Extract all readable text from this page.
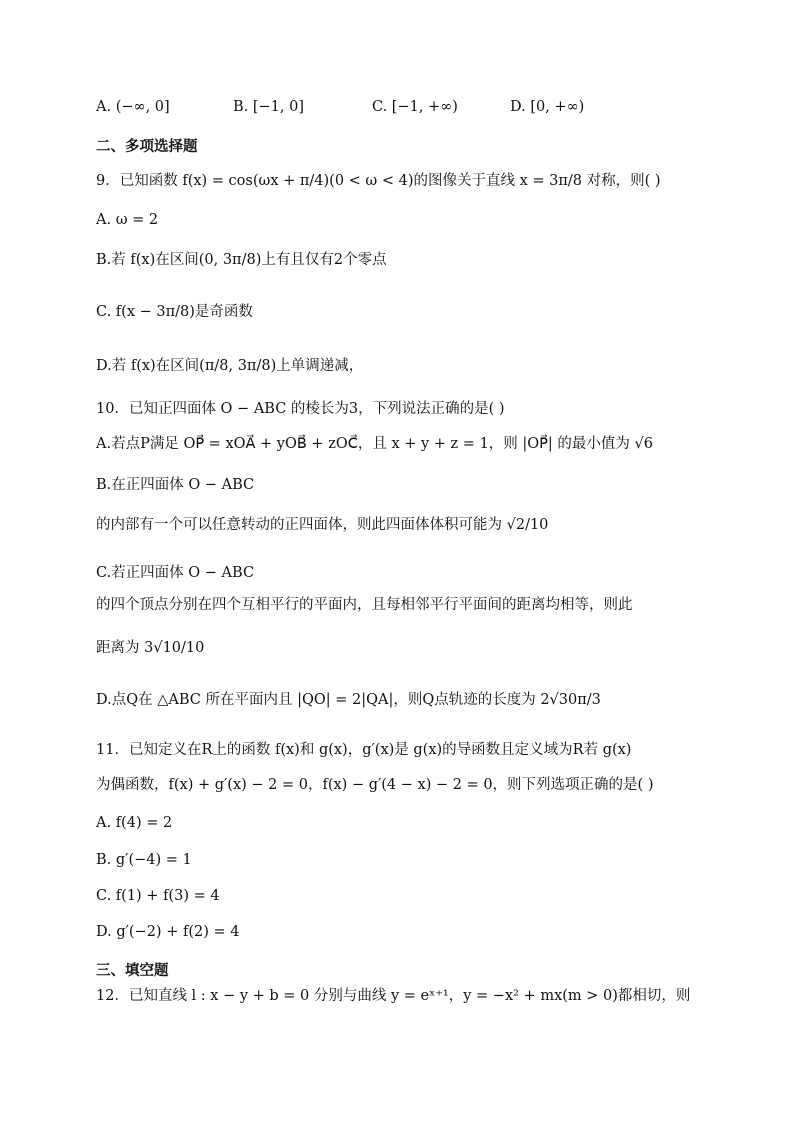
A. (−∞, 0]	B. [−1, 0]	C. [−1, +∞)	D. [0, +∞)
二、多项选择题
9．已知函数 f(x) = cos(ωx + π/4)(0 < ω < 4)的图像关于直线 x = 3π/8 对称，则( )
A. ω = 2
B.若 f(x)在区间(0, 3π/8)上有且仅有2个零点
C. f(x − 3π/8)是奇函数
D.若 f(x)在区间(π/8, 3π/8)上单调递减，
10．已知正四面体 O − ABC 的棱长为3，下列说法正确的是( )
A.若点P满足 OP⃗ = xOA⃗ + yOB⃗ + zOC⃗，且 x + y + z = 1，则 |OP⃗| 的最小值为 √6
B.在正四面体 O − ABC
的内部有一个可以任意转动的正四面体，则此四面体体积可能为 √2/10
C.若正四面体 O − ABC
的四个顶点分别在四个互相平行的平面内，且每相邻平行平面间的距离均相等，则此
距离为 3√10/10
D.点Q在 △ABC 所在平面内且 |QO| = 2|QA|，则Q点轨迹的长度为 2√30π/3
11．已知定义在R上的函数 f(x)和 g(x)，g′(x)是 g(x)的导函数且定义域为R若 g(x)
为偶函数，f(x) + g′(x) − 2 = 0，f(x) − g′(4 − x) − 2 = 0，则下列选项正确的是( )
A. f(4) = 2
B. g′(−4) = 1
C. f(1) + f(3) = 4
D. g′(−2) + f(2) = 4
三、填空题
12．已知直线 l : x − y + b = 0 分别与曲线 y = eˣ⁺¹，y = −x² + mx(m > 0)都相切，则
